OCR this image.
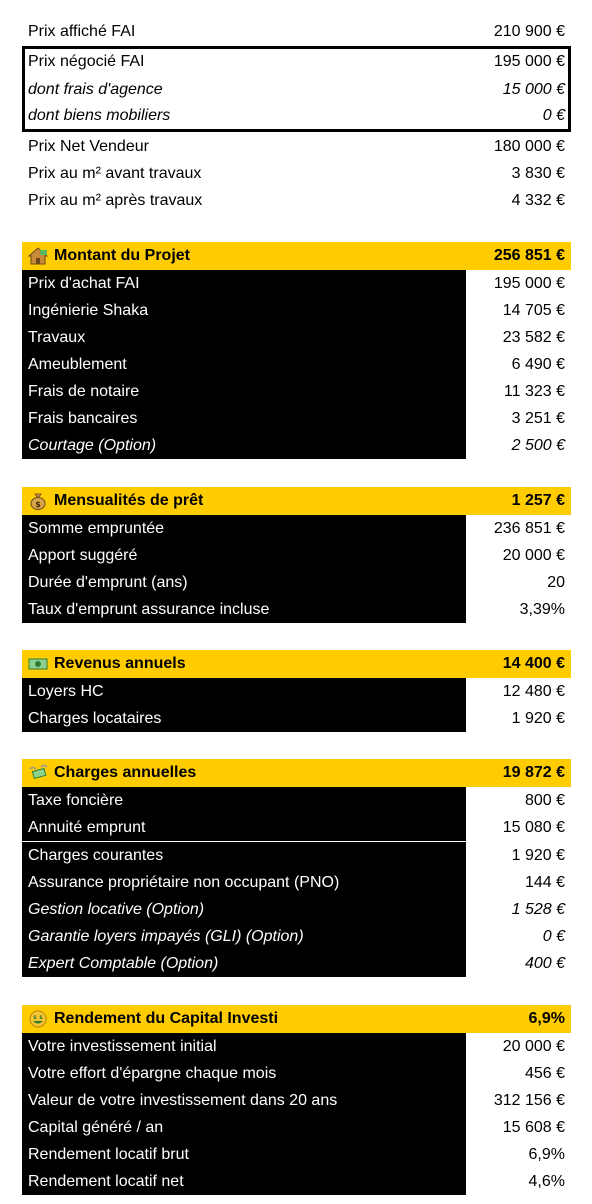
Prix affiché FAI	210 900 €
Prix négocié FAI	195 000 €
dont frais d'agence	15 000 €
dont biens mobiliers	0 €
Prix Net Vendeur	180 000 €
Prix au m² avant travaux	3 830 €
Prix au m² après travaux	4 332 €
Montant du Projet	256 851 €
Prix d'achat FAI	195 000 €
Ingénierie Shaka	14 705 €
Travaux	23 582 €
Ameublement	6 490 €
Frais de notaire	11 323 €
Frais bancaires	3 251 €
Courtage (Option)	2 500 €
$ Mensualités de prêt	1 257 €
Somme empruntée	236 851 €
Apport suggéré	20 000 €
Durée d'emprunt (ans)	20
Taux d'emprunt assurance incluse	3,39%
Revenus annuels	14 400 €
Loyers HC	12 480 €
Charges locataires	1 920 €
Charges annuelles	19 872 €
Taxe foncière	800 €
Annuité emprunt	15 080 €
Charges courantes	1 920 €
Assurance propriétaire non occupant (PNO)	144 €
Gestion locative (Option)	1 528 €
Garantie loyers impayés (GLI) (Option)	0 €
Expert Comptable (Option)	400 €
$ $ Rendement du Capital Investi	6,9%
Votre investissement initial	20 000 €
Votre effort d'épargne chaque mois	456 €
Valeur de votre investissement dans 20 ans	312 156 €
Capital généré / an	15 608 €
Rendement locatif brut	6,9%
Rendement locatif net	4,6%
